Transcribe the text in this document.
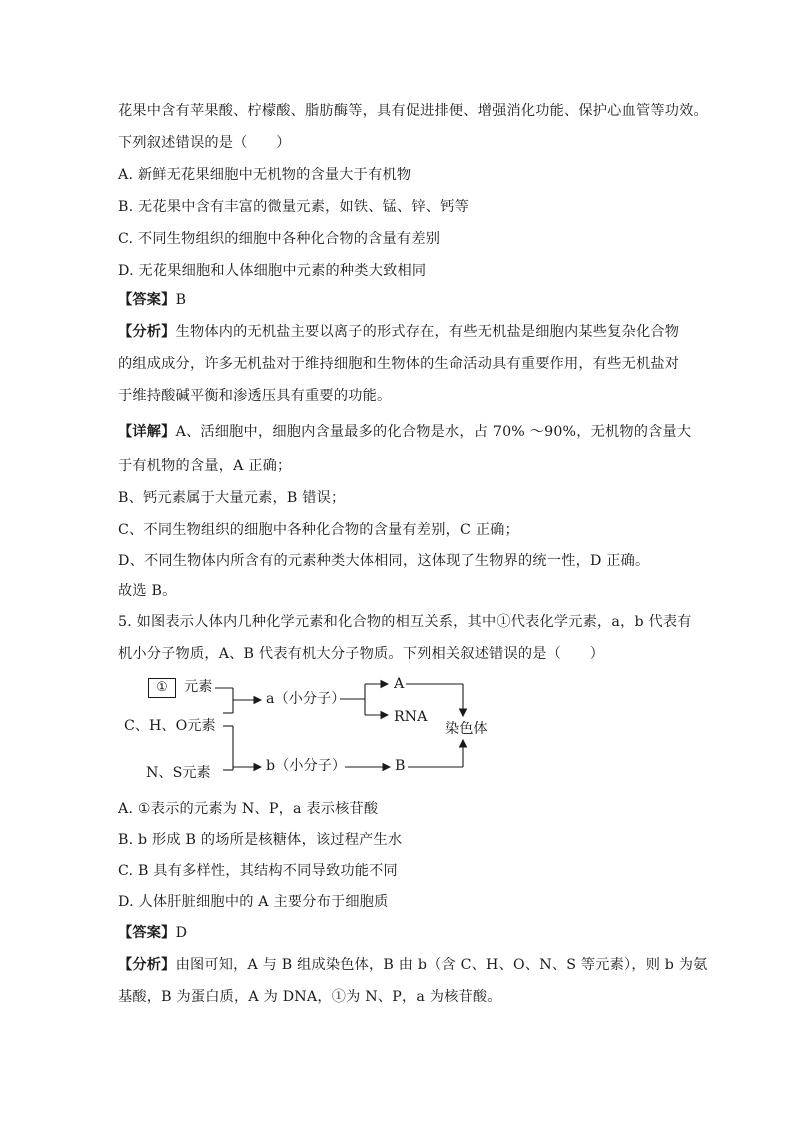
花果中含有苹果酸、柠檬酸、脂肪酶等，具有促进排便、增强消化功能、保护心血管等功效。
下列叙述错误的是（　　）
A. 新鲜无花果细胞中无机物的含量大于有机物
B. 无花果中含有丰富的微量元素，如铁、锰、锌、钙等
C. 不同生物组织的细胞中各种化合物的含量有差别
D. 无花果细胞和人体细胞中元素的种类大致相同
【答案】B
【分析】生物体内的无机盐主要以离子的形式存在，有些无机盐是细胞内某些复杂化合物
的组成成分，许多无机盐对于维持细胞和生物体的生命活动具有重要作用，有些无机盐对
于维持酸碱平衡和渗透压具有重要的功能。
【详解】A、活细胞中，细胞内含量最多的化合物是水，占 70% ～90%，无机物的含量大
于有机物的含量，A 正确；
B、钙元素属于大量元素，B 错误；
C、不同生物组织的细胞中各种化合物的含量有差别，C 正确；
D、不同生物体内所含有的元素种类大体相同，这体现了生物界的统一性，D 正确。
故选 B。
5. 如图表示人体内几种化学元素和化合物的相互关系，其中①代表化学元素，a，b 代表有
机小分子物质，A、B 代表有机大分子物质。下列相关叙述错误的是（　　）
①	元素
C、H、O元素
N、S元素
a（小分子）
b（小分子）
A
RNA
B
染色体
A. ①表示的元素为 N、P，a 表示核苷酸
B. b 形成 B 的场所是核糖体，该过程产生水
C. B 具有多样性，其结构不同导致功能不同
D. 人体肝脏细胞中的 A 主要分布于细胞质
【答案】D
【分析】由图可知，A 与 B 组成染色体，B 由 b（含 C、H、O、N、S 等元素），则 b 为氨
基酸，B 为蛋白质，A 为 DNA，①为 N、P，a 为核苷酸。
